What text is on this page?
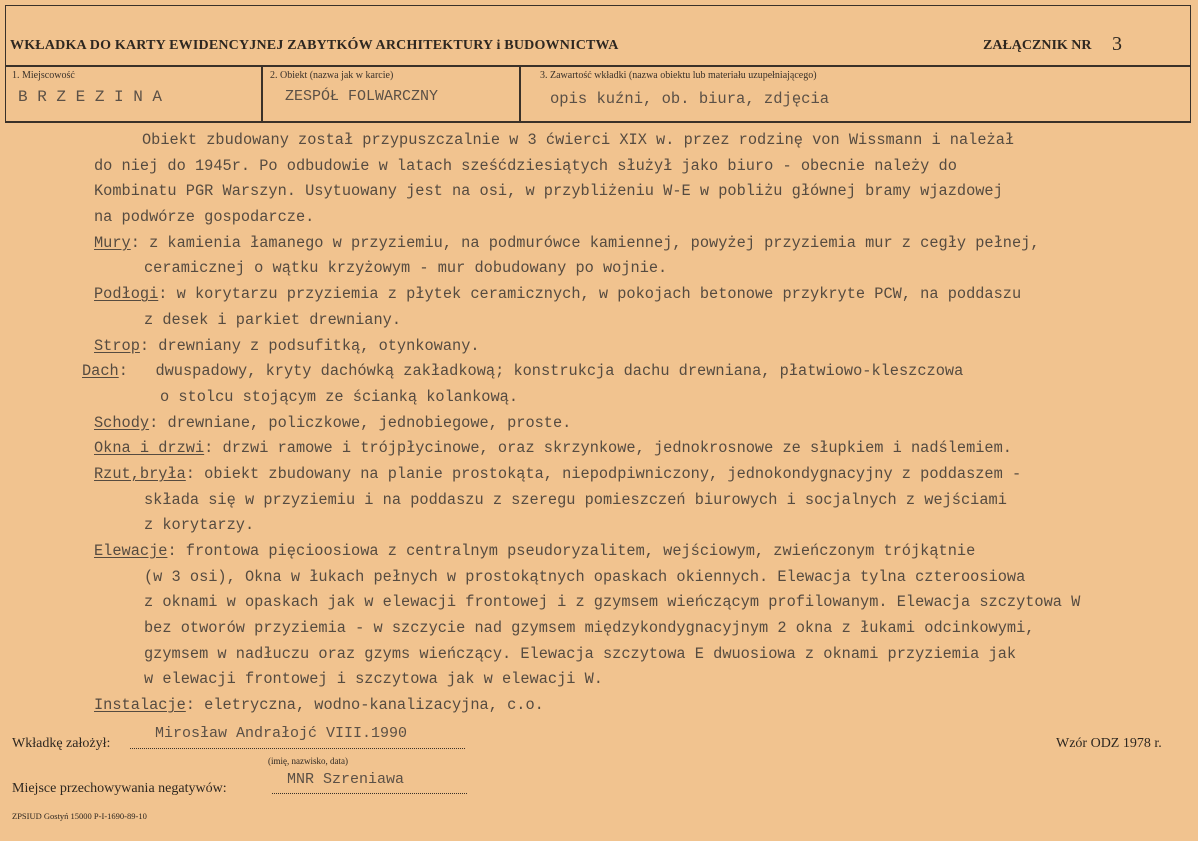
WKŁADKA DO KARTY EWIDENCYJNEJ ZABYTKÓW ARCHITEKTURY i BUDOWNICTWA	ZAŁĄCZNIK NR 3
1. Miejscowość
B R Z E Z I N A
2. Obiekt (nazwa jak w karcie)
ZESPÓŁ FOLWARCZNY
3. Zawartość wkładki (nazwa obiektu lub materiału uzupełniającego)
opis kuźni, ob. biura, zdjęcia
Obiekt zbudowany został przypuszczalnie w 3 ćwierci XIX w. przez rodzinę von Wissmann i należał
do niej do 1945r. Po odbudowie w latach sześćdziesiątych służył jako biuro - obecnie należy do
Kombinatu PGR Warszyn. Usytuowany jest na osi, w przybliżeniu W-E w pobliżu głównej bramy wjazdowej
na podwórze gospodarcze.
Mury: z kamienia łamanego w przyziemiu, na podmurówce kamiennej, powyżej przyziemia mur z cegły pełnej,
ceramicznej o wątku krzyżowym - mur dobudowany po wojnie.
Podłogi: w korytarzu przyziemia z płytek ceramicznych, w pokojach betonowe przykryte PCW, na poddaszu
z desek i parkiet drewniany.
Strop: drewniany z podsufitką, otynkowany.
Dach:   dwuspadowy, kryty dachówką zakładkową; konstrukcja dachu drewniana, płatwiowo-kleszczowa
o stolcu stojącym ze ścianką kolankową.
Schody: drewniane, policzkowe, jednobiegowe, proste.
Okna i drzwi: drzwi ramowe i trójpłycinowe, oraz skrzynkowe, jednokrosnowe ze słupkiem i nadślemiem.
Rzut,bryła: obiekt zbudowany na planie prostokąta, niepodpiwniczony, jednokondygnacyjny z poddaszem -
składa się w przyziemiu i na poddaszu z szeregu pomieszczeń biurowych i socjalnych z wejściami
z korytarzy.
Elewacje: frontowa pięcioosiowa z centralnym pseudoryzalitem, wejściowym, zwieńczonym trójkątnie
(w 3 osi), Okna w łukach pełnych w prostokątnych opaskach okiennych. Elewacja tylna czteroosiowa
z oknami w opaskach jak w elewacji frontowej i z gzymsem wieńczącym profilowanym. Elewacja szczytowa W
bez otworów przyziemia - w szczycie nad gzymsem międzykondygnacyjnym 2 okna z łukami odcinkowymi,
gzymsem w nadłuczu oraz gzyms wieńczący. Elewacja szczytowa E dwuosiowa z oknami przyziemia jak
w elewacji frontowej i szczytowa jak w elewacji W.
Instalacje: eletryczna, wodno-kanalizacyjna, c.o.
Wkładkę założył:
Mirosław Andrałojć VIII.1990
(imię, nazwisko, data)
Wzór ODZ 1978 r.
Miejsce przechowywania negatywów:
MNR Szreniawa
ZPSIUD Gostyń 15000 P-I-1690-89-10
